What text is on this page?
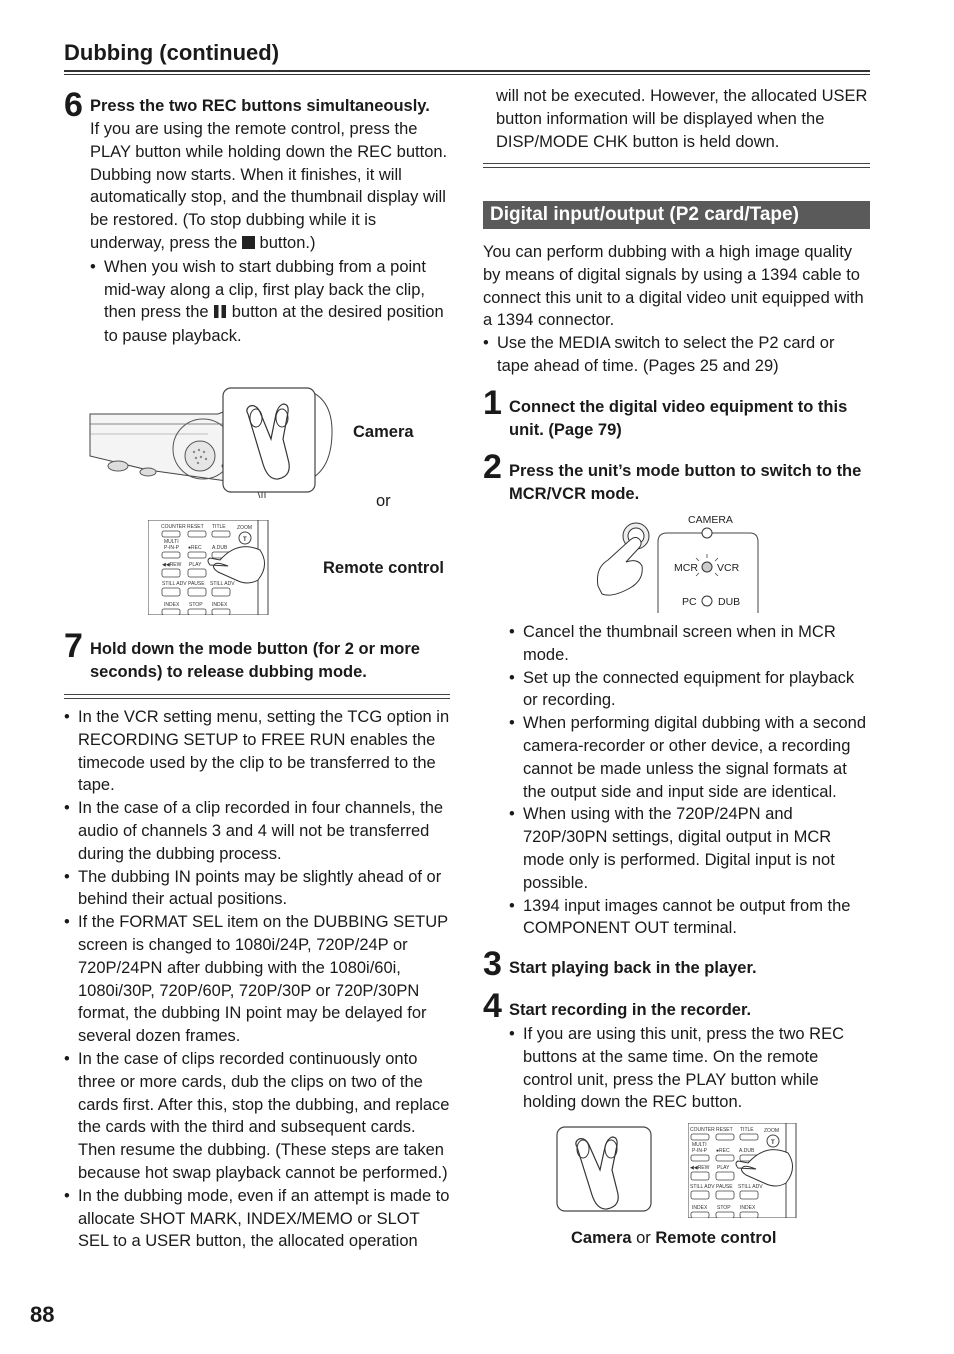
Dubbing (continued)
6 Press the two REC buttons simultaneously.

If you are using the remote control, press the PLAY button while holding down the REC button.

Dubbing now starts. When it finishes, it will automatically stop, and the thumbnail display will be restored. (To stop dubbing while it is underway, press the  button.)

• When you wish to start dubbing from a point mid-way along a clip, first play back the clip, then press the  button at the desired position to pause playback.
Camera
or
COUNTER RESET TITLE ZOOM
MULTI
P-IN-P ●REC A.DUB
◀◀REW PLAY
STILL ADV PAUSE STILL ADV
INDEX STOP INDEX
T
Remote control
7 Hold down the mode button (for 2 or more seconds) to release dubbing mode.
• In the VCR setting menu, setting the TCG option in RECORDING SETUP to FREE RUN enables the timecode used by the clip to be transferred to the tape.
• In the case of a clip recorded in four channels, the audio of channels 3 and 4 will not be transferred during the dubbing process.
• The dubbing IN points may be slightly ahead of or behind their actual positions.
• If the FORMAT SEL item on the DUBBING SETUP screen is changed to 1080i/24P, 720P/24P or 720P/24PN after dubbing with the 1080i/60i, 1080i/30P, 720P/60P, 720P/30P or 720P/30PN format, the dubbing IN point may be delayed for several dozen frames.
• In the case of clips recorded continuously onto three or more cards, dub the clips on two of the cards first. After this, stop the dubbing, and replace the cards with the third and subsequent cards. Then resume the dubbing. (These steps are taken because hot swap playback cannot be performed.)
• In the dubbing mode, even if an attempt is made to allocate SHOT MARK, INDEX/MEMO or SLOT SEL to a USER button, the allocated operation
will not be executed. However, the allocated USER button information will be displayed when the DISP/MODE CHK button is held down.
Digital input/output (P2 card/Tape)

You can perform dubbing with a high image quality by means of digital signals by using a 1394 cable to connect this unit to a digital video unit equipped with a 1394 connector.

• Use the MEDIA switch to select the P2 card or tape ahead of time. (Pages 25 and 29)
1 Connect the digital video equipment to this unit. (Page 79)
2 Press the unit’s mode button to switch to the MCR/VCR mode.
CAMERA
MCR VCR
PC DUB
• Cancel the thumbnail screen when in MCR mode.
• Set up the connected equipment for playback or recording.
• When performing digital dubbing with a second camera-recorder or other device, a recording cannot be made unless the signal formats at the output side and input side are identical.
• When using with the 720P/24PN and 720P/30PN settings, digital output in MCR mode only is performed. Digital input is not possible.
• 1394 input images cannot be output from the COMPONENT OUT terminal.
3 Start playing back in the player.
4 Start recording in the recorder.
• If you are using this unit, press the two REC buttons at the same time. On the remote control unit, press the PLAY button while holding down the REC button.
COUNTER RESET TITLE ZOOM
MULTI
P-IN-P ●REC A.DUB
◀◀REW PLAY
STILL ADV PAUSE STILL ADV
INDEX STOP INDEX
T
Camera or Remote control
88
